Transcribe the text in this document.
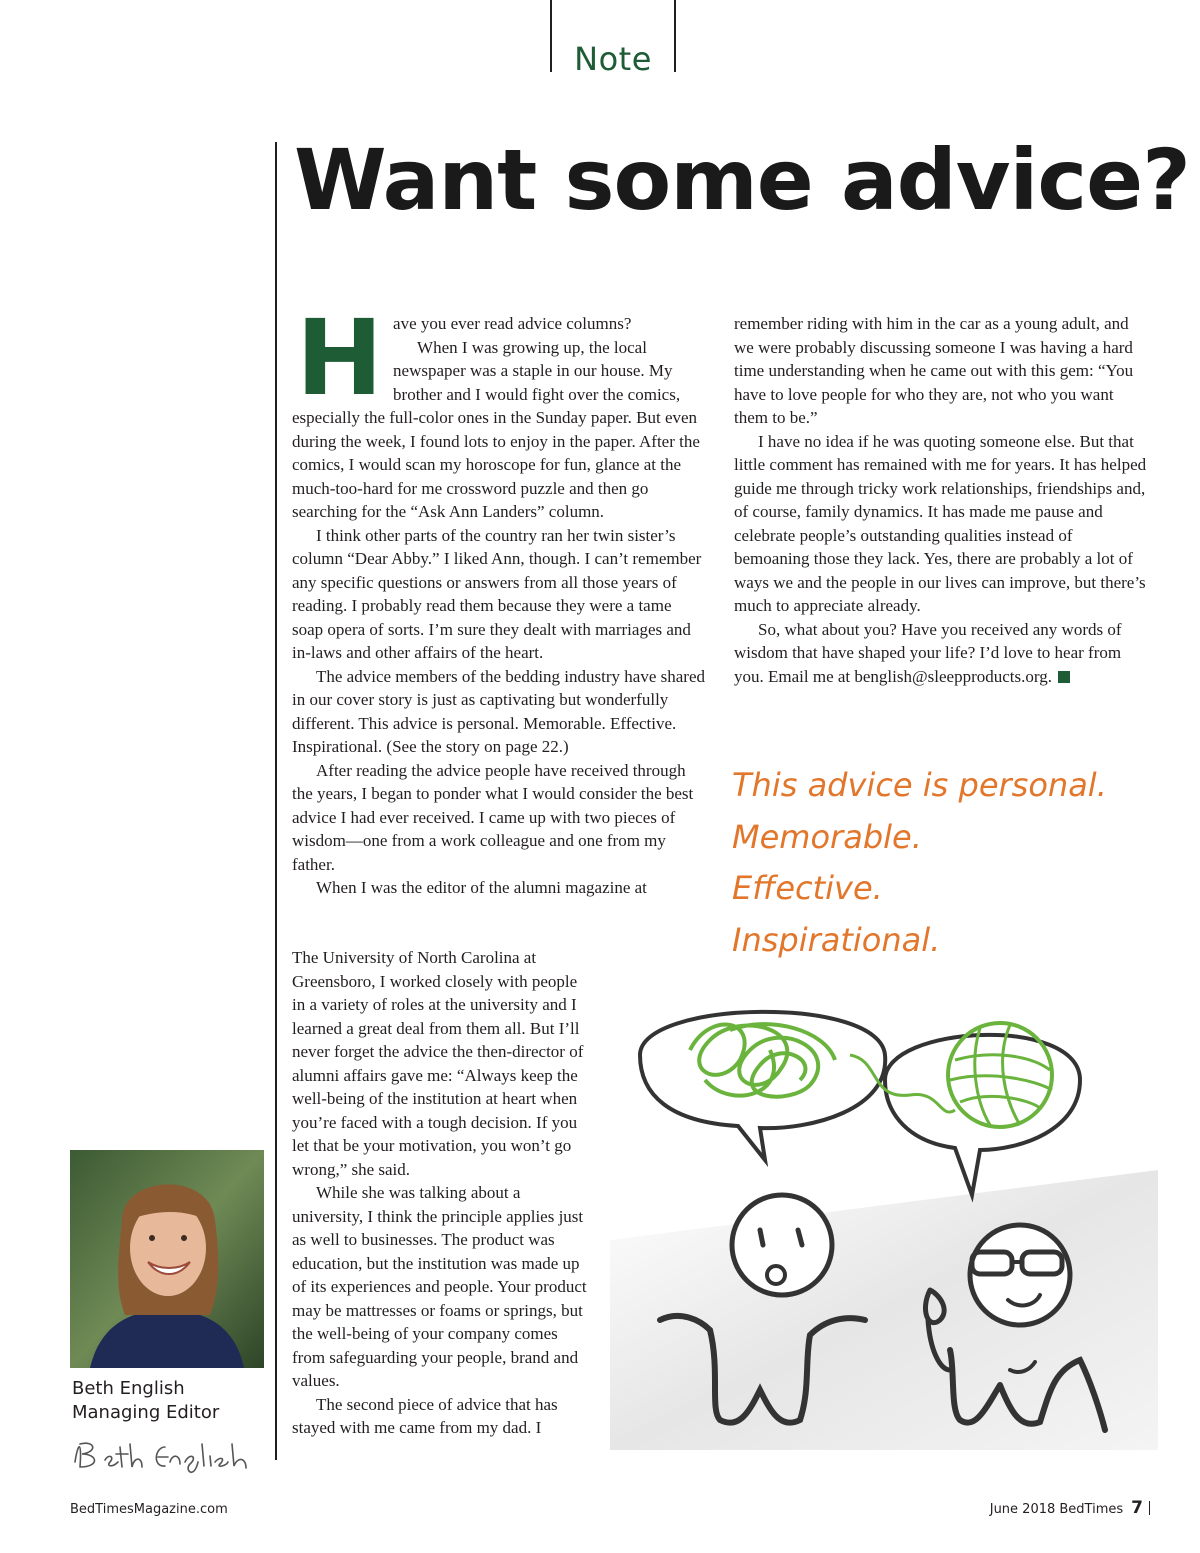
Note
Want some advice?
H ave you ever read advice columns?

When I was growing up, the local newspaper was a staple in our house. My brother and I would fight over the comics, especially the full-color ones in the Sunday paper. But even during the week, I found lots to enjoy in the paper. After the comics, I would scan my horoscope for fun, glance at the much-too-hard for me crossword puzzle and then go searching for the “Ask Ann Landers” column.

I think other parts of the country ran her twin sister’s column “Dear Abby.” I liked Ann, though. I can’t remember any specific questions or answers from all those years of reading. I probably read them because they were a tame soap opera of sorts. I’m sure they dealt with marriages and in-laws and other affairs of the heart.

The advice members of the bedding industry have shared in our cover story is just as captivating but wonderfully different. This advice is personal. Memorable. Effective. Inspirational. (See the story on page 22.)

After reading the advice people have received through the years, I began to ponder what I would consider the best advice I had ever received. I came up with two pieces of wisdom—one from a work colleague and one from my father.

When I was the editor of the alumni magazine at

The University of North Carolina at Greensboro, I worked closely with people in a variety of roles at the university and I learned a great deal from them all. But I’ll never forget the advice the then-director of alumni affairs gave me: “Always keep the well-being of the institution at heart when you’re faced with a tough decision. If you let that be your motivation, you won’t go wrong,” she said.

While she was talking about a university, I think the principle applies just as well to businesses. The product was education, but the institution was made up of its experiences and people. Your product may be mattresses or foams or springs, but the well-being of your company comes from safeguarding your people, brand and values.

The second piece of advice that has stayed with me came from my dad. I

remember riding with him in the car as a young adult, and we were probably discussing someone I was having a hard time understanding when he came out with this gem: “You have to love people for who they are, not who you want them to be.”

I have no idea if he was quoting someone else. But that little comment has remained with me for years. It has helped guide me through tricky work relationships, friendships and, of course, family dynamics. It has made me pause and celebrate people’s outstanding qualities instead of bemoaning those they lack. Yes, there are probably a lot of ways we and the people in our lives can improve, but there’s much to appreciate already.

So, what about you? Have you received any words of wisdom that have shaped your life? I’d love to hear from you. Email me at benglish@sleepproducts.org.

This advice is personal.
Memorable.
Effective.
Inspirational.
Beth English
Managing Editor
BedTimesMagazine.com	June 2018 BedTimes 7
